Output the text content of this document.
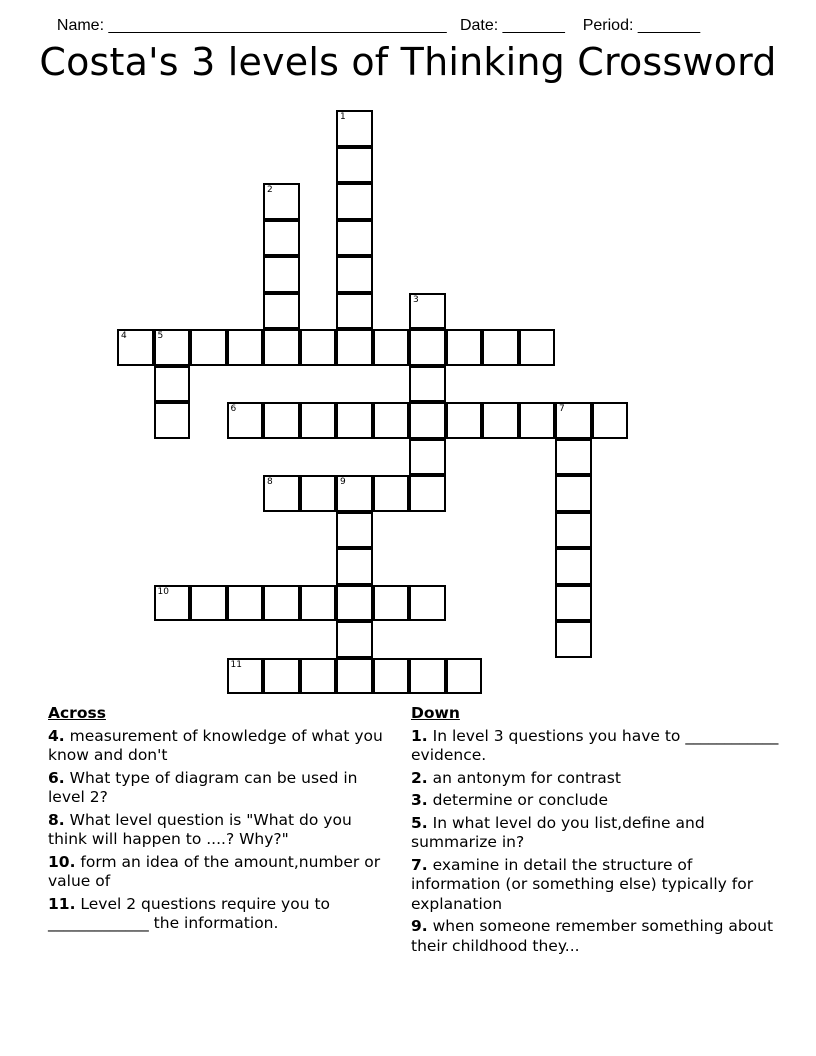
Name: ______________________________________ Date: _______ Period: _______

Costa's 3 levels of Thinking Crossword
1
2
3
4	5
6	7
8	9
10
11
Across
4. measurement of knowledge of what you know and don't
6. What type of diagram can be used in level 2?
8. What level question is "What do you think will happen to ....? Why?"
10. form an idea of the amount,number or value of
11. Level 2 questions require you to _____________ the information.
Down
1. In level 3 questions you have to ____________ evidence.
2. an antonym for contrast
3. determine or conclude
5. In what level do you list,define and summarize in?
7. examine in detail the structure of information (or something else) typically for explanation
9. when someone remember something about their childhood they...
